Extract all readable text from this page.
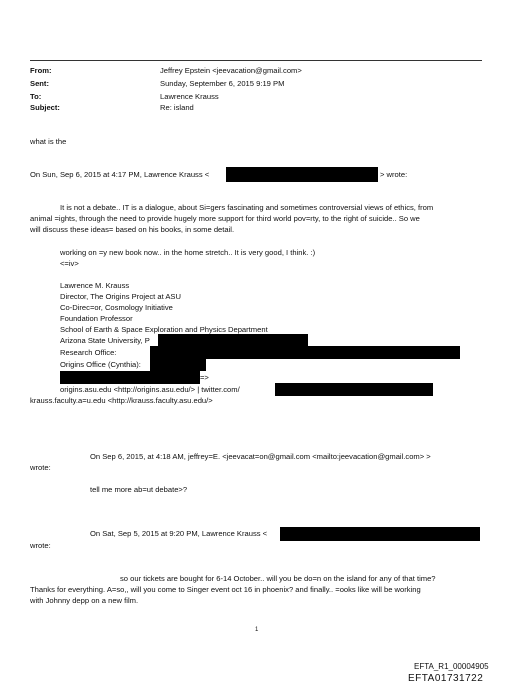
From:	Jeffrey Epstein <jeevacation@gmail.com>
Sent:	Sunday, September 6, 2015 9:19 PM
To:	Lawrence Krauss
Subject:	Re: island
what is the
On Sun, Sep 6, 2015 at 4:17 PM, Lawrence Krauss <	> wrote:
It is not a debate.. IT is a dialogue, about Si=gers fascinating and sometimes controversial views of ethics, from
animal =ights, through the need to provide hugely more support for third world pov=rty, to the right of suicide.. So we
will discuss these ideas= based on his books, in some detail.
working on =y new book now.. in the home stretch.. It is very good, I think. :)
<=iv>
Lawrence M. Krauss
Director, The Origins Project at ASU
Co-Direc=or, Cosmology Initiative
Foundation Professor
School of Earth & Space Exploration and Physics Department
Arizona State University, P
Research Office:
Origins Office (Cynthia):
=>
origins.asu.edu <http://origins.asu.edu/> | twitter.com/
krauss.faculty.a=u.edu <http://krauss.faculty.asu.edu/>
On Sep 6, 2015, at 4:18 AM, jeffrey=E. <jeevacat=on@gmail.com <mailto:jeevacation@gmail.com> >
wrote:
tell me more ab=ut debate>?
On Sat, Sep 5, 2015 at 9:20 PM, Lawrence Krauss <
wrote:
so our tickets are bought for 6-14 October.. will you be do=n on the island for any of that time?
Thanks for everything. A=so,, will you come to Singer event oct 16 in phoenix? and finally.. =ooks like will be working
with Johnny depp on a new film.
1
EFTA_R1_00004905
EFTA01731722
